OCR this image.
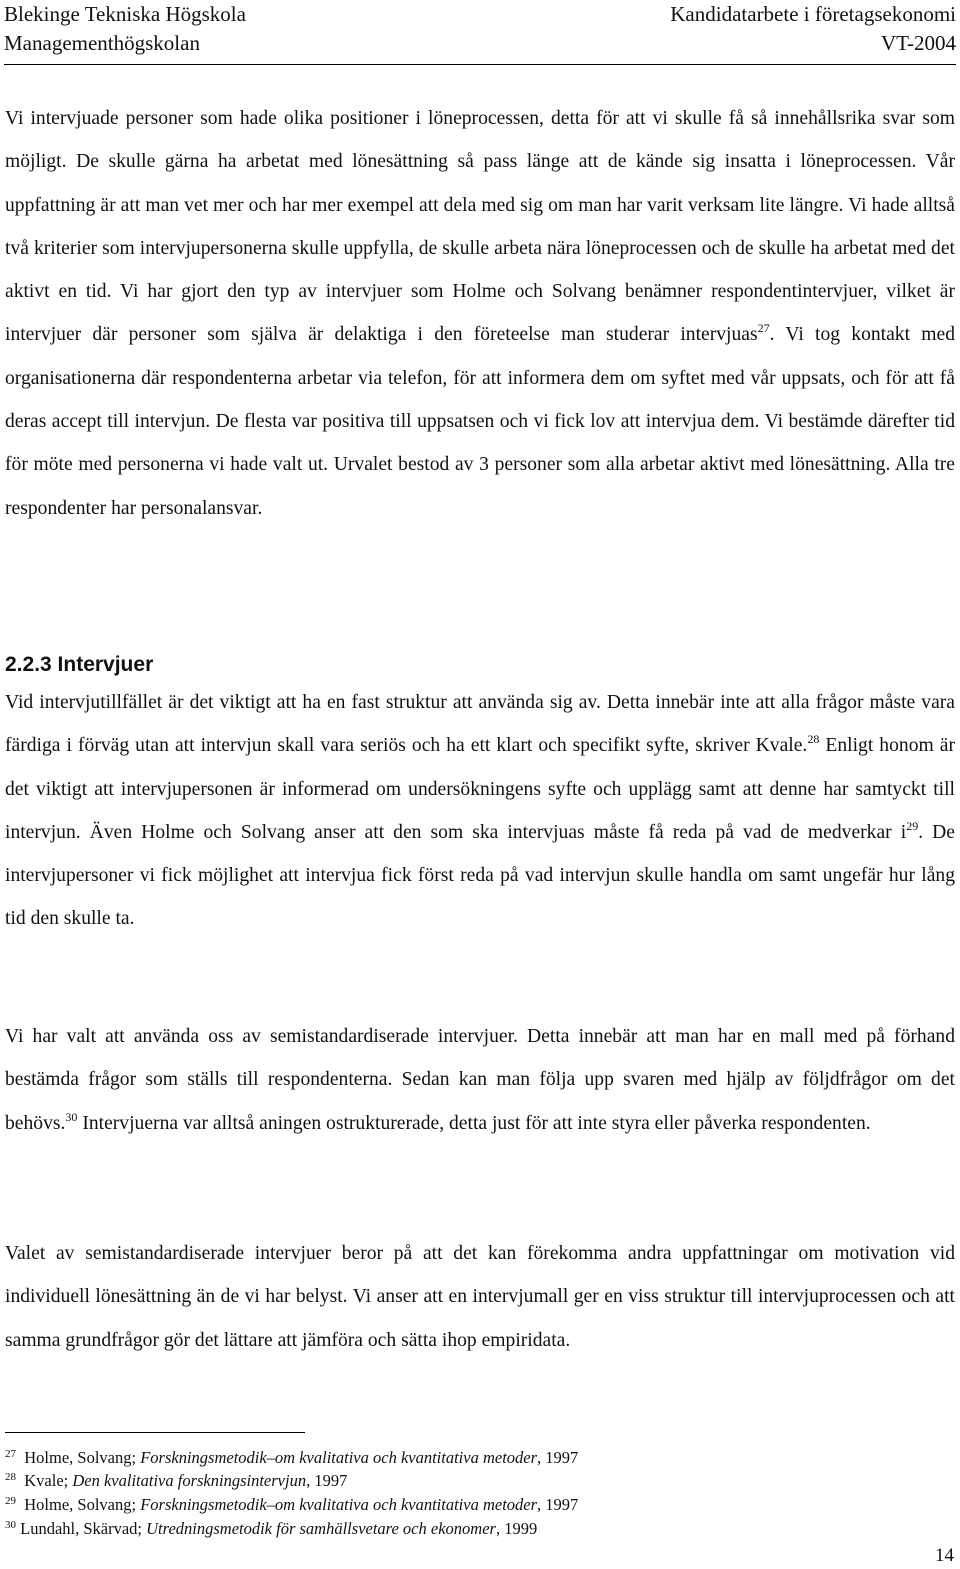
Blekinge Tekniska Högskola	Kandidatarbete i företagsekonomi
Managementhögskolan	VT-2004

Vi intervjuade personer som hade olika positioner i löneprocessen, detta för att vi skulle få så innehållsrika svar som möjligt. De skulle gärna ha arbetat med lönesättning så pass länge att de kände sig insatta i löneprocessen. Vår uppfattning är att man vet mer och har mer exempel att dela med sig om man har varit verksam lite längre. Vi hade alltså två kriterier som intervjupersonerna skulle uppfylla, de skulle arbeta nära löneprocessen och de skulle ha arbetat med det aktivt en tid. Vi har gjort den typ av intervjuer som Holme och Solvang benämner respondentintervjuer, vilket är intervjuer där personer som själva är delaktiga i den företeelse man studerar intervjuas$^{27}$. Vi tog kontakt med organisationerna där respondenterna arbetar via telefon, för att informera dem om syftet med vår uppsats, och för att få deras accept till intervjun. De flesta var positiva till uppsatsen och vi fick lov att intervjua dem. Vi bestämde därefter tid för möte med personerna vi hade valt ut. Urvalet bestod av 3 personer som alla arbetar aktivt med lönesättning. Alla tre respondenter har personalansvar.

2.2.3 Intervjuer

Vid intervjutillfället är det viktigt att ha en fast struktur att använda sig av. Detta innebär inte att alla frågor måste vara färdiga i förväg utan att intervjun skall vara seriös och ha ett klart och specifikt syfte, skriver Kvale.$^{28}$ Enligt honom är det viktigt att intervjupersonen är informerad om undersökningens syfte och upplägg samt att denne har samtyckt till intervjun. Även Holme och Solvang anser att den som ska intervjuas måste få reda på vad de medverkar $i^{29}$. De intervjupersoner vi fick möjlighet att intervjua fick först reda på vad intervjun skulle handla om samt ungefär hur lång tid den skulle ta.

Vi har valt att använda oss av semistandardiserade intervjuer. Detta innebär att man har en mall med på förhand bestämda frågor som ställs till respondenterna. Sedan kan man följa upp svaren med hjälp av följdfrågor om det behövs.$^{30}$ Intervjuerna var alltså aningen ostrukturerade, detta just för att inte styra eller påverka respondenten.

Valet av semistandardiserade intervjuer beror på att det kan förekomma andra uppfattningar om motivation vid individuell lönesättning än de vi har belyst. Vi anser att en intervjumall ger en viss struktur till intervjuprocessen och att samma grundfrågor gör det lättare att jämföra och sätta ihop empiridata.

$^{27}$ Holme, Solvang; Forskningsmetodik–om kvalitativa och kvantitativa metoder, 1997

$^{28}$ Kvale; Den kvalitativa forskningsintervjun, 1997

$^{29}$ Holme, Solvang; Forskningsmetodik–om kvalitativa och kvantitativa metoder, 1997

$^{30}$ Lundahl, Skärvad; Utredningsmetodik för samhällsvetare och ekonomer, 1999

14
